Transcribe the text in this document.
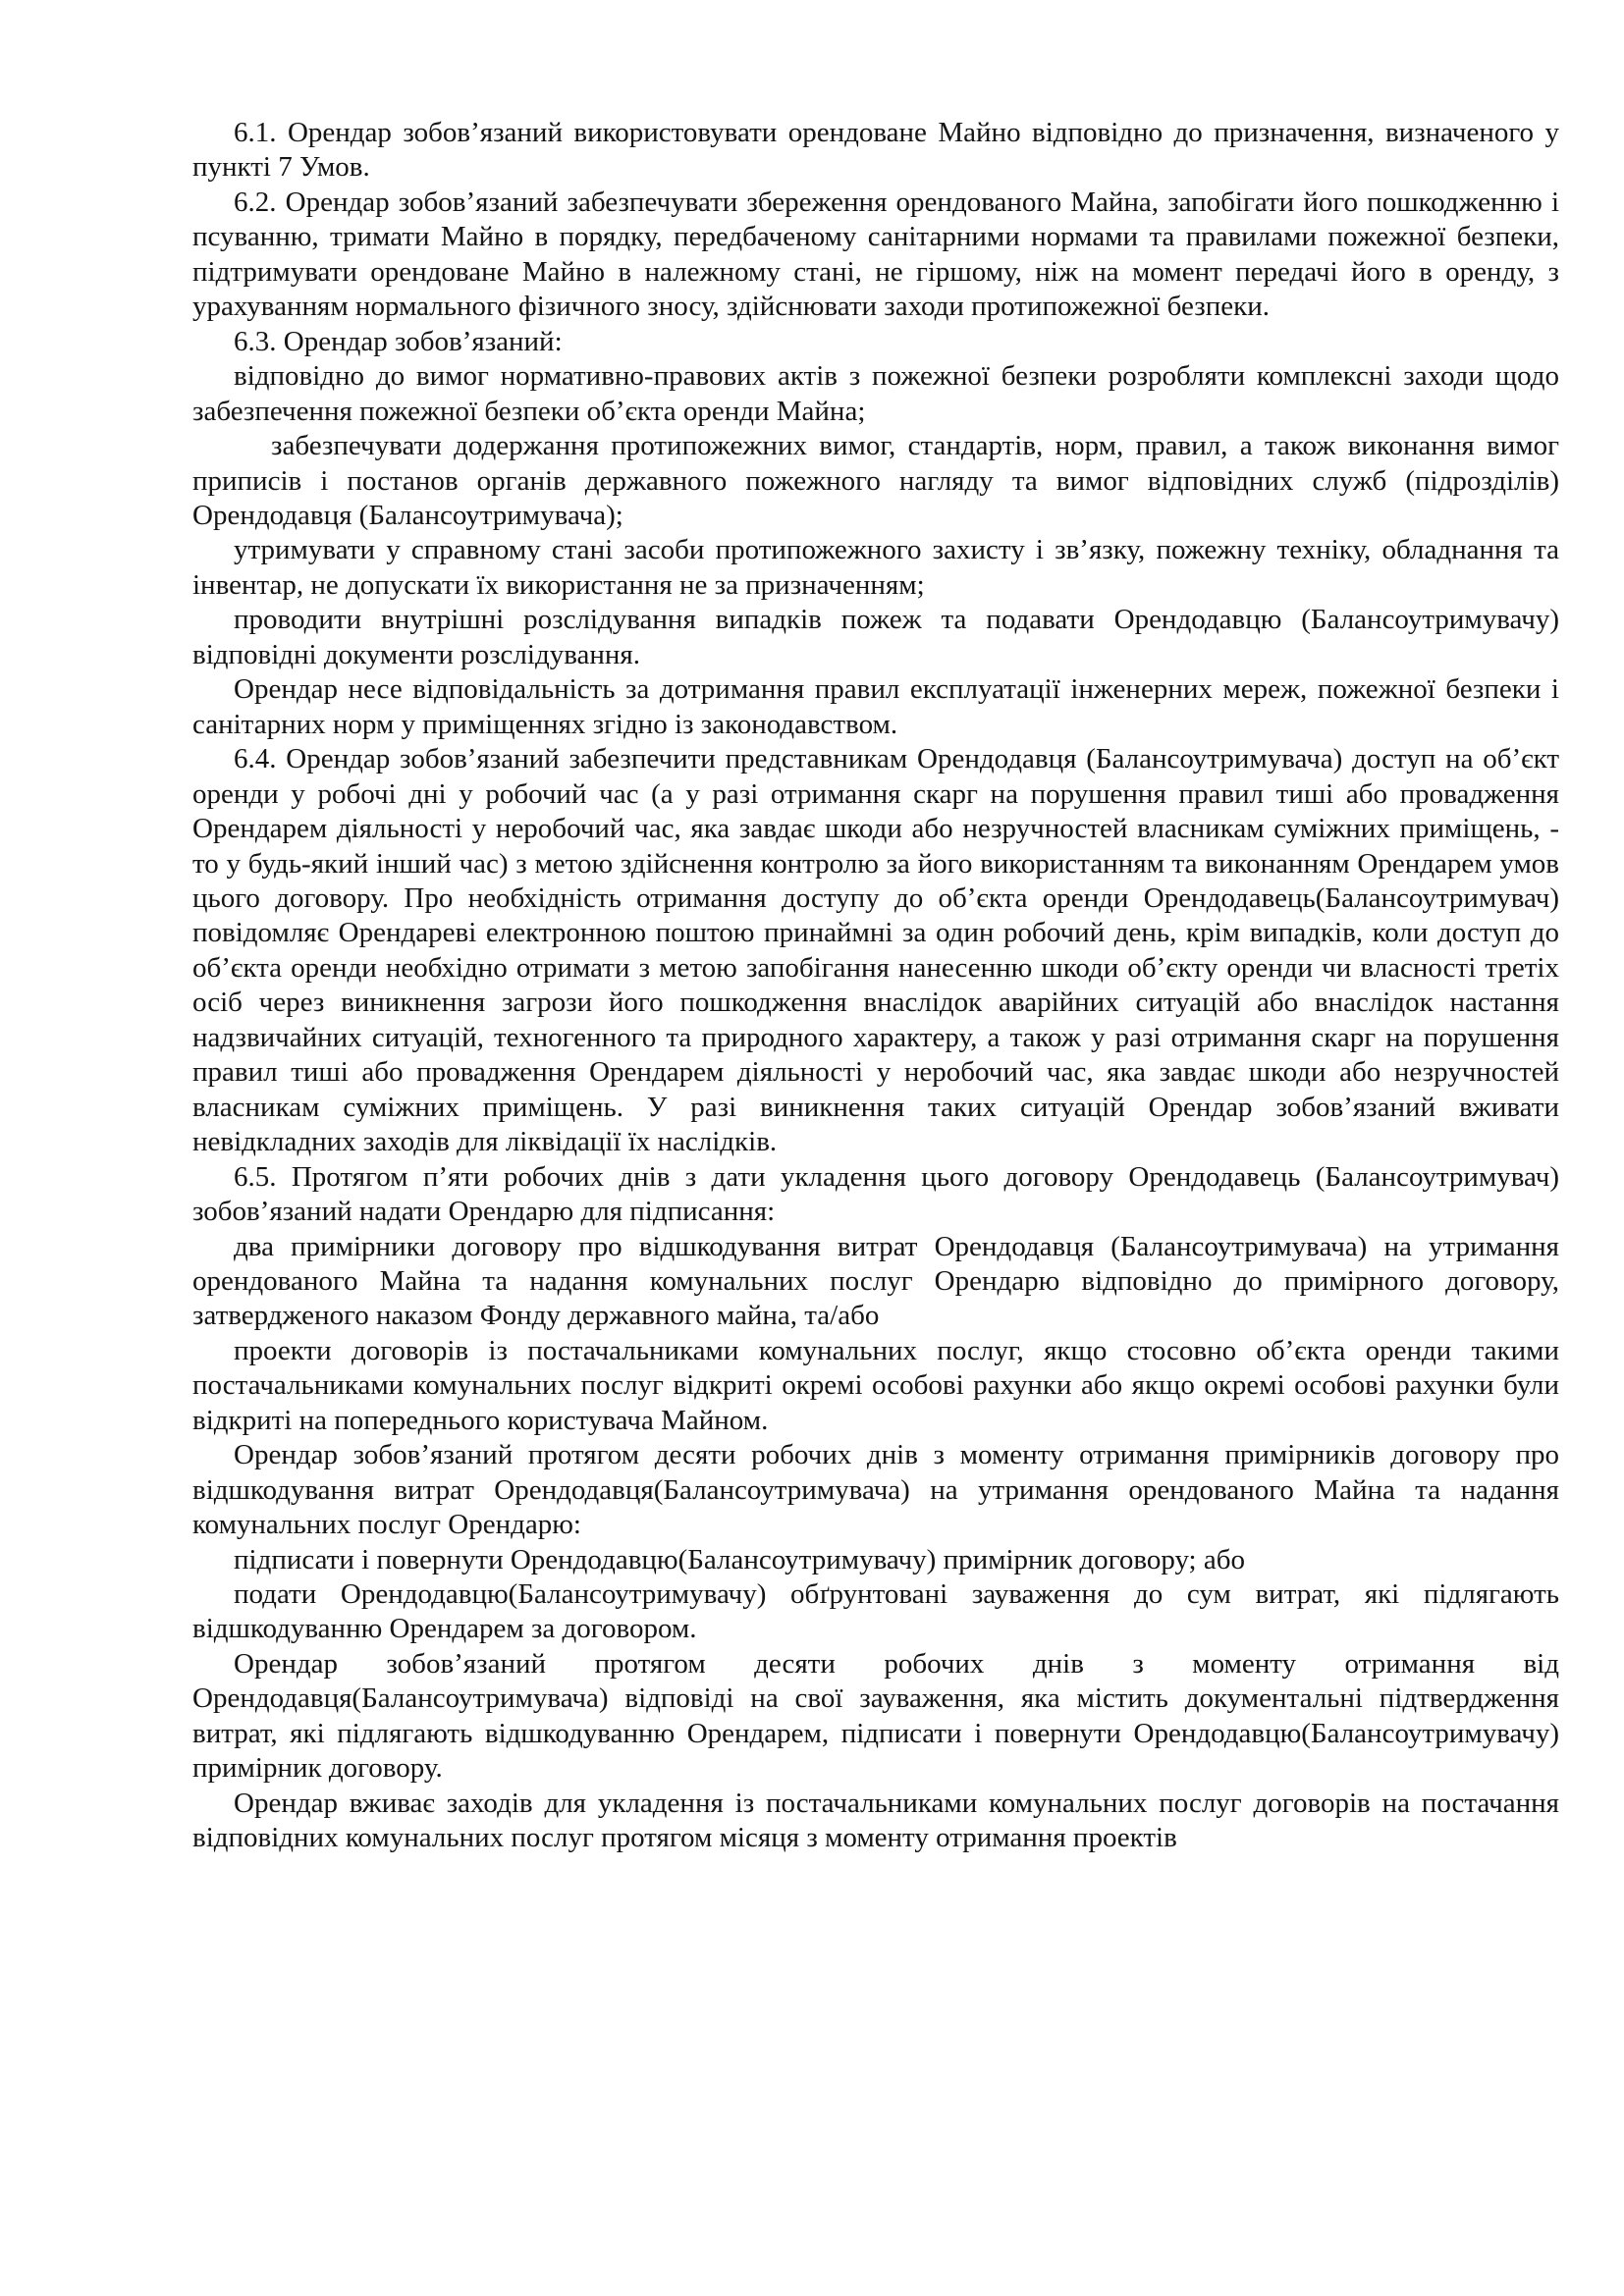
6.1. Орендар зобов’язаний використовувати орендоване Майно відповідно до призначення, визначеного у пункті 7 Умов.

6.2. Орендар зобов’язаний забезпечувати збереження орендованого Майна, запобігати його пошкодженню і псуванню, тримати Майно в порядку, передбаченому санітарними нормами та правилами пожежної безпеки, підтримувати орендоване Майно в належному стані, не гіршому, ніж на момент передачі його в оренду, з урахуванням нормального фізичного зносу, здійснювати заходи протипожежної безпеки.

6.3. Орендар зобов’язаний:

відповідно до вимог нормативно-правових актів з пожежної безпеки розробляти комплексні заходи щодо забезпечення пожежної безпеки об’єкта оренди Майна;

забезпечувати додержання протипожежних вимог, стандартів, норм, правил, а також виконання вимог приписів і постанов органів державного пожежного нагляду та вимог відповідних служб (підрозділів) Орендодавця (Балансоутримувача);

утримувати у справному стані засоби протипожежного захисту і зв’язку, пожежну техніку, обладнання та інвентар, не допускати їх використання не за призначенням;

проводити внутрішні розслідування випадків пожеж та подавати Орендодавцю (Балансоутримувачу) відповідні документи розслідування.

Орендар несе відповідальність за дотримання правил експлуатації інженерних мереж, пожежної безпеки і санітарних норм у приміщеннях згідно із законодавством.

6.4. Орендар зобов’язаний забезпечити представникам Орендодавця (Балансоутримувача) доступ на об’єкт оренди у робочі дні у робочий час (а у разі отримання скарг на порушення правил тиші або провадження Орендарем діяльності у неробочий час, яка завдає шкоди або незручностей власникам суміжних приміщень, - то у будь-який інший час) з метою здійснення контролю за його використанням та виконанням Орендарем умов цього договору. Про необхідність отримання доступу до об’єкта оренди Орендодавець(Балансоутримувач) повідомляє Орендареві електронною поштою принаймні за один робочий день, крім випадків, коли доступ до об’єкта оренди необхідно отримати з метою запобігання нанесенню шкоди об’єкту оренди чи власності третіх осіб через виникнення загрози його пошкодження внаслідок аварійних ситуацій або внаслідок настання надзвичайних ситуацій, техногенного та природного характеру, а також у разі отримання скарг на порушення правил тиші або провадження Орендарем діяльності у неробочий час, яка завдає шкоди або незручностей власникам суміжних приміщень. У разі виникнення таких ситуацій Орендар зобов’язаний вживати невідкладних заходів для ліквідації їх наслідків.

6.5. Протягом п’яти робочих днів з дати укладення цього договору Орендодавець (Балансоутримувач) зобов’язаний надати Орендарю для підписання:

два примірники договору про відшкодування витрат Орендодавця (Балансоутримувача) на утримання орендованого Майна та надання комунальних послуг Орендарю відповідно до примірного договору, затвердженого наказом Фонду державного майна, та/або

проекти договорів із постачальниками комунальних послуг, якщо стосовно об’єкта оренди такими постачальниками комунальних послуг відкриті окремі особові рахунки або якщо окремі особові рахунки були відкриті на попереднього користувача Майном.

Орендар зобов’язаний протягом десяти робочих днів з моменту отримання примірників договору про відшкодування витрат Орендодавця(Балансоутримувача) на утримання орендованого Майна та надання комунальних послуг Орендарю:

підписати і повернути Орендодавцю(Балансоутримувачу) примірник договору; або

подати Орендодавцю(Балансоутримувачу) обґрунтовані зауваження до сум витрат, які підлягають відшкодуванню Орендарем за договором.

Орендар зобов’язаний протягом десяти робочих днів з моменту отримання від Орендодавця(Балансоутримувача) відповіді на свої зауваження, яка містить документальні підтвердження витрат, які підлягають відшкодуванню Орендарем, підписати і повернути Орендодавцю(Балансоутримувачу) примірник договору.

Орендар вживає заходів для укладення із постачальниками комунальних послуг договорів на постачання відповідних комунальних послуг протягом місяця з моменту отримання проектів
